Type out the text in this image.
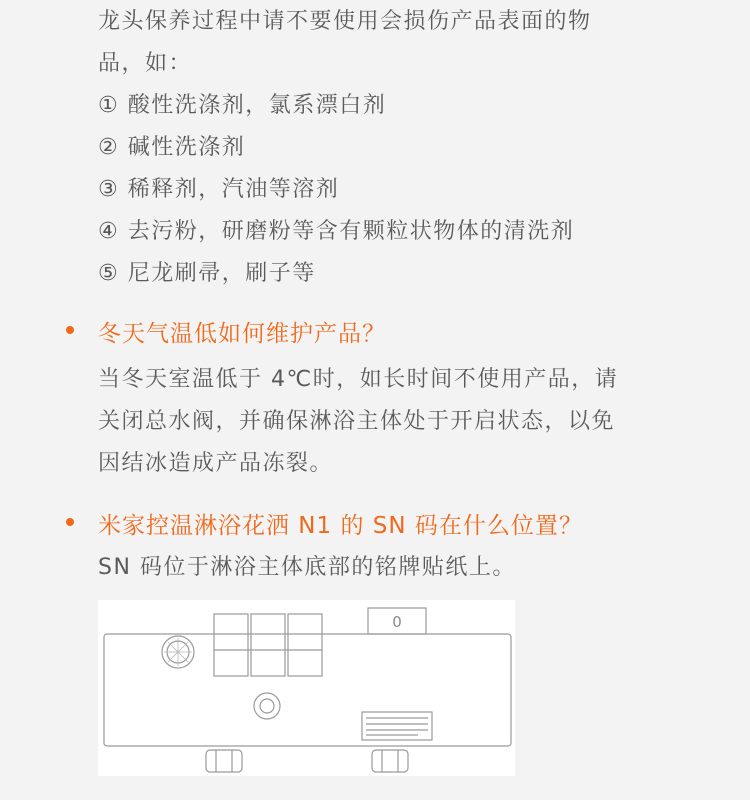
龙头保养过程中请不要使用会损伤产品表面的物
品，如：
① 酸性洗涤剂，氯系漂白剂
② 碱性洗涤剂
③ 稀释剂，汽油等溶剂
④ 去污粉，研磨粉等含有颗粒状物体的清洗剂
⑤ 尼龙刷帚，刷子等
冬天气温低如何维护产品？
当冬天室温低于 4℃时，如长时间不使用产品，请
关闭总水阀，并确保淋浴主体处于开启状态，以免
因结冰造成产品冻裂。
米家控温淋浴花洒 N1 的 SN 码在什么位置？
SN 码位于淋浴主体底部的铭牌贴纸上。
0
